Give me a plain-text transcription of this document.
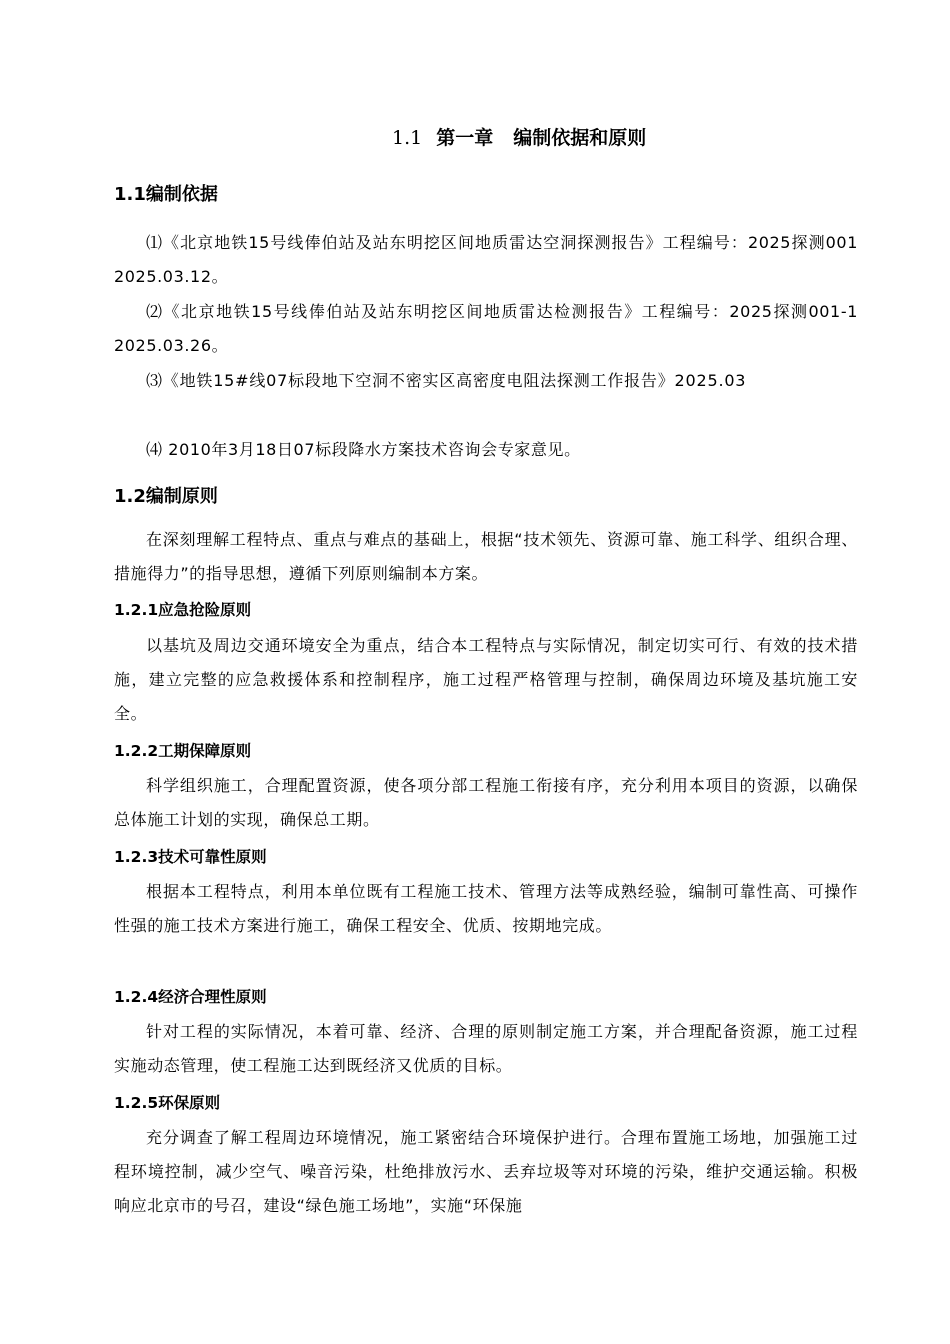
1.1 第一章 编制依据和原则
1.1编制依据
⑴《北京地铁15号线俸伯站及站东明挖区间地质雷达空洞探测报告》工程编号：2025探测001　 2025.03.12。
⑵《北京地铁15号线俸伯站及站东明挖区间地质雷达检测报告》工程编号：2025探测001-1　 2025.03.26。
⑶《地铁15#线07标段地下空洞不密实区高密度电阻法探测工作报告》2025.03
⑷ 2010年3月18日07标段降水方案技术咨询会专家意见。
1.2编制原则
在深刻理解工程特点、重点与难点的基础上，根据“技术领先、资源可靠、施工科学、组织合理、措施得力”的指导思想，遵循下列原则编制本方案。
1.2.1应急抢险原则
以基坑及周边交通环境安全为重点，结合本工程特点与实际情况，制定切实可行、有效的技术措施，建立完整的应急救援体系和控制程序，施工过程严格管理与控制，确保周边环境及基坑施工安全。
1.2.2工期保障原则
科学组织施工，合理配置资源，使各项分部工程施工衔接有序，充分利用本项目的资源，以确保总体施工计划的实现，确保总工期。
1.2.3技术可靠性原则
根据本工程特点，利用本单位既有工程施工技术、管理方法等成熟经验，编制可靠性高、可操作性强的施工技术方案进行施工，确保工程安全、优质、按期地完成。
1.2.4经济合理性原则
针对工程的实际情况，本着可靠、经济、合理的原则制定施工方案，并合理配备资源，施工过程实施动态管理，使工程施工达到既经济又优质的目标。
1.2.5环保原则
充分调查了解工程周边环境情况，施工紧密结合环境保护进行。合理布置施工场地，加强施工过程环境控制，减少空气、噪音污染，杜绝排放污水、丢弃垃圾等对环境的污染，维护交通运输。积极响应北京市的号召，建设“绿色施工场地”，实施“环保施
